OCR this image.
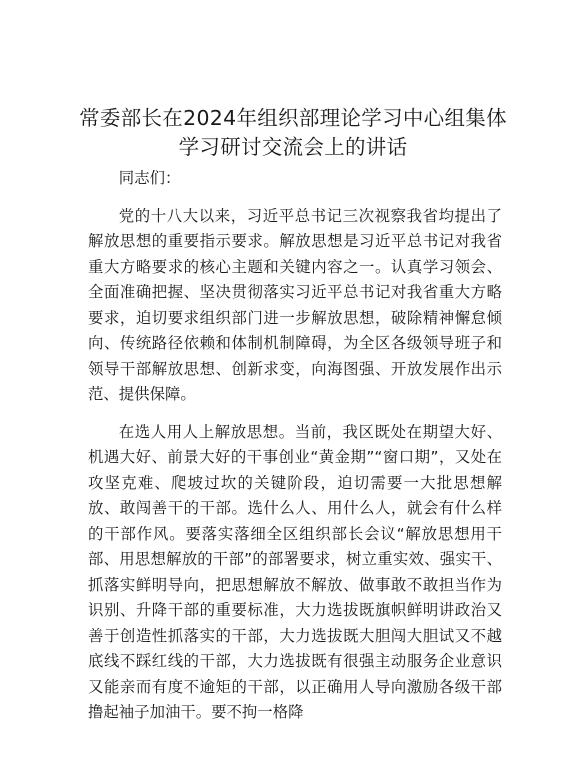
常委部长在2024年组织部理论学习中心组集体
学习研讨交流会上的讲话

同志们：

党的十八大以来，习近平总书记三次视察我省均提出了解放思想的重要指示要求。解放思想是习近平总书记对我省重大方略要求的核心主题和关键内容之一。认真学习领会、全面准确把握、坚决贯彻落实习近平总书记对我省重大方略要求，迫切要求组织部门进一步解放思想，破除精神懈怠倾向、传统路径依赖和体制机制障碍，为全区各级领导班子和领导干部解放思想、创新求变，向海图强、开放发展作出示范、提供保障。

在选人用人上解放思想。当前，我区既处在期望大好、机遇大好、前景大好的干事创业“黄金期”“窗口期”，又处在攻坚克难、爬坡过坎的关键阶段，迫切需要一大批思想解放、敢闯善干的干部。选什么人、用什么人，就会有什么样的干部作风。要落实落细全区组织部长会议“解放思想用干部、用思想解放的干部”的部署要求，树立重实效、强实干、抓落实鲜明导向，把思想解放不解放、做事敢不敢担当作为识别、升降干部的重要标准，大力选拔既旗帜鲜明讲政治又善于创造性抓落实的干部，大力选拔既大胆闯大胆试又不越底线不踩红线的干部，大力选拔既有很强主动服务企业意识又能亲而有度不逾矩的干部，以正确用人导向激励各级干部撸起袖子加油干。要不拘一格降
